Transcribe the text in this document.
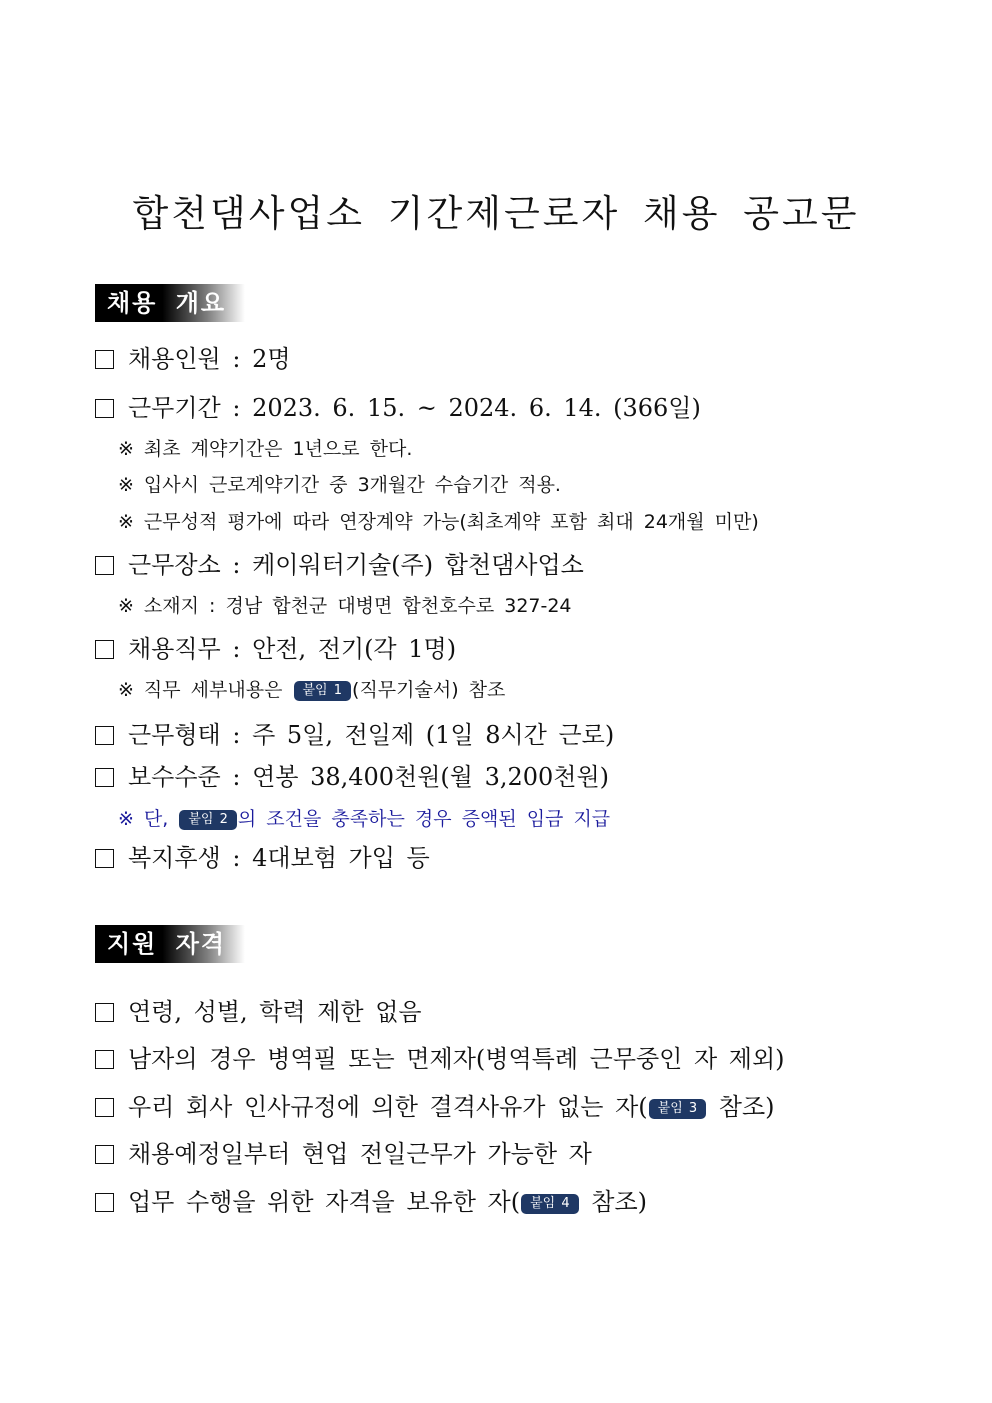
합천댐사업소 기간제근로자 채용 공고문
채용 개요
채용인원 : 2명
근무기간 : 2023. 6. 15. ~ 2024. 6. 14. (366일)
※ 최초 계약기간은 1년으로 한다.
※ 입사시 근로계약기간 중 3개월간 수습기간 적용.
※ 근무성적 평가에 따라 연장계약 가능(최초계약 포함 최대 24개월 미만)
근무장소 : 케이워터기술(주) 합천댐사업소
※ 소재지 : 경남 합천군 대병면 합천호수로 327-24
채용직무 : 안전, 전기(각 1명)
※ 직무 세부내용은 붙임 1 (직무기술서) 참조
근무형태 : 주 5일, 전일제 (1일 8시간 근로)
보수수준 : 연봉 38,400천원(월 3,200천원)
※ 단, 붙임 2 의 조건을 충족하는 경우 증액된 임금 지급
복지후생 : 4대보험 가입 등
지원 자격
연령, 성별, 학력 제한 없음
남자의 경우 병역필 또는 면제자(병역특례 근무중인 자 제외)
우리 회사 인사규정에 의한 결격사유가 없는 자( 붙임 3 참조)
채용예정일부터 현업 전일근무가 가능한 자
업무 수행을 위한 자격을 보유한 자( 붙임 4 참조)
